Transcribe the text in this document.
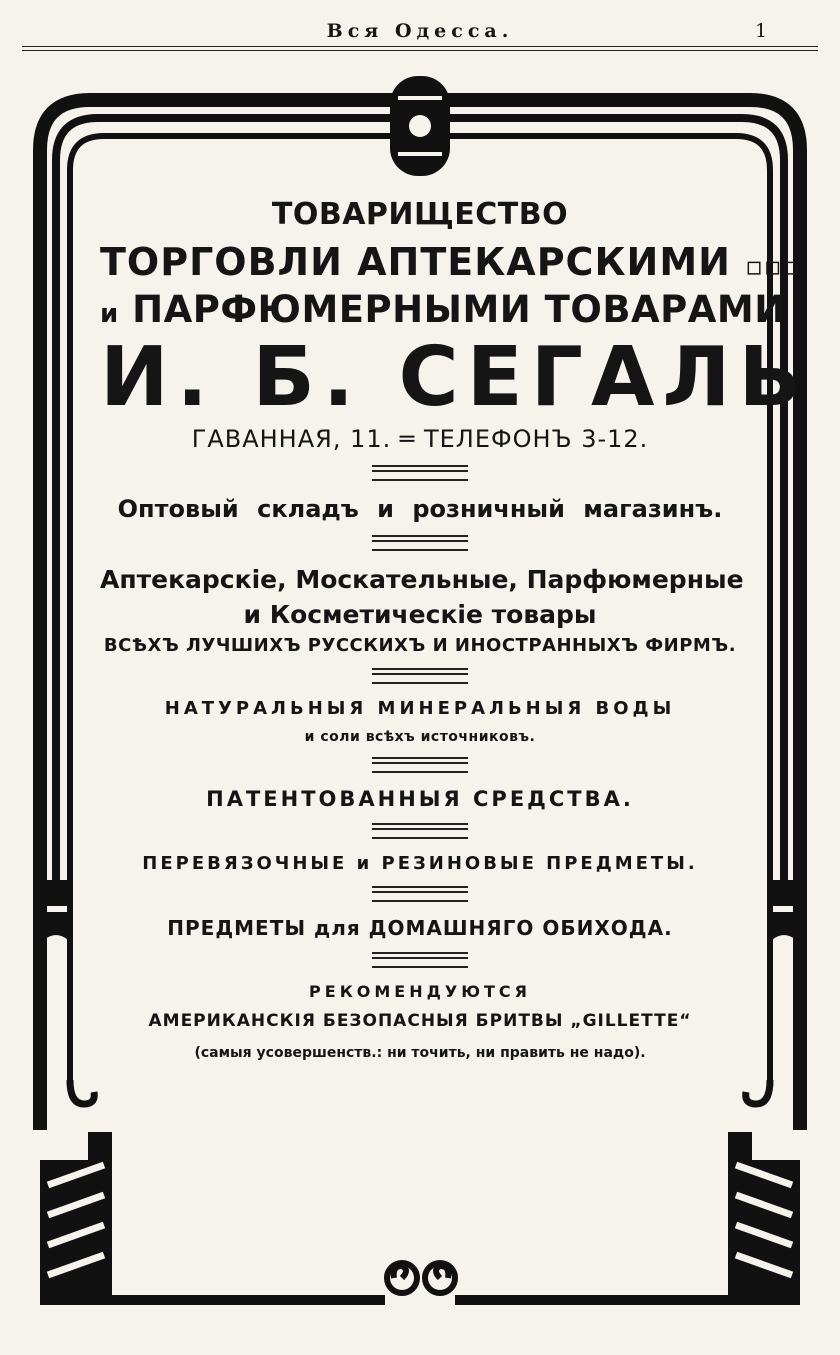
Вся Одесса.	1
ТОВАРИЩЕСТВО
ТОРГОВЛИ АПТЕКАРСКИМИ ▫▫▫
и ПАРФЮМЕРНЫМИ ТОВАРАМИ
И. Б. СЕГАЛЬ
ГАВАННАЯ, 11. ═ ТЕЛЕФОНЪ 3-12.
Оптовый складъ и розничный магазинъ.
Аптекарскіе, Москательные, Парфюмерные
и Косметическіе товары
ВСѢХЪ ЛУЧШИХЪ РУССКИХЪ И ИНОСТРАННЫХЪ ФИРМЪ.
НАТУРАЛЬНЫЯ МИНЕРАЛЬНЫЯ ВОДЫ
и соли всѣхъ источниковъ.
ПАТЕНТОВАННЫЯ СРЕДСТВА.
ПЕРЕВЯЗОЧНЫЕ и РЕЗИНОВЫЕ ПРЕДМЕТЫ.
ПРЕДМЕТЫ для ДОМАШНЯГО ОБИХОДА.
РЕКОМЕНДУЮТСЯ
АМЕРИКАНСКІЯ БЕЗОПАСНЫЯ БРИТВЫ „GILLETTE“
(самыя усовершенств.: ни точить, ни править не надо).
